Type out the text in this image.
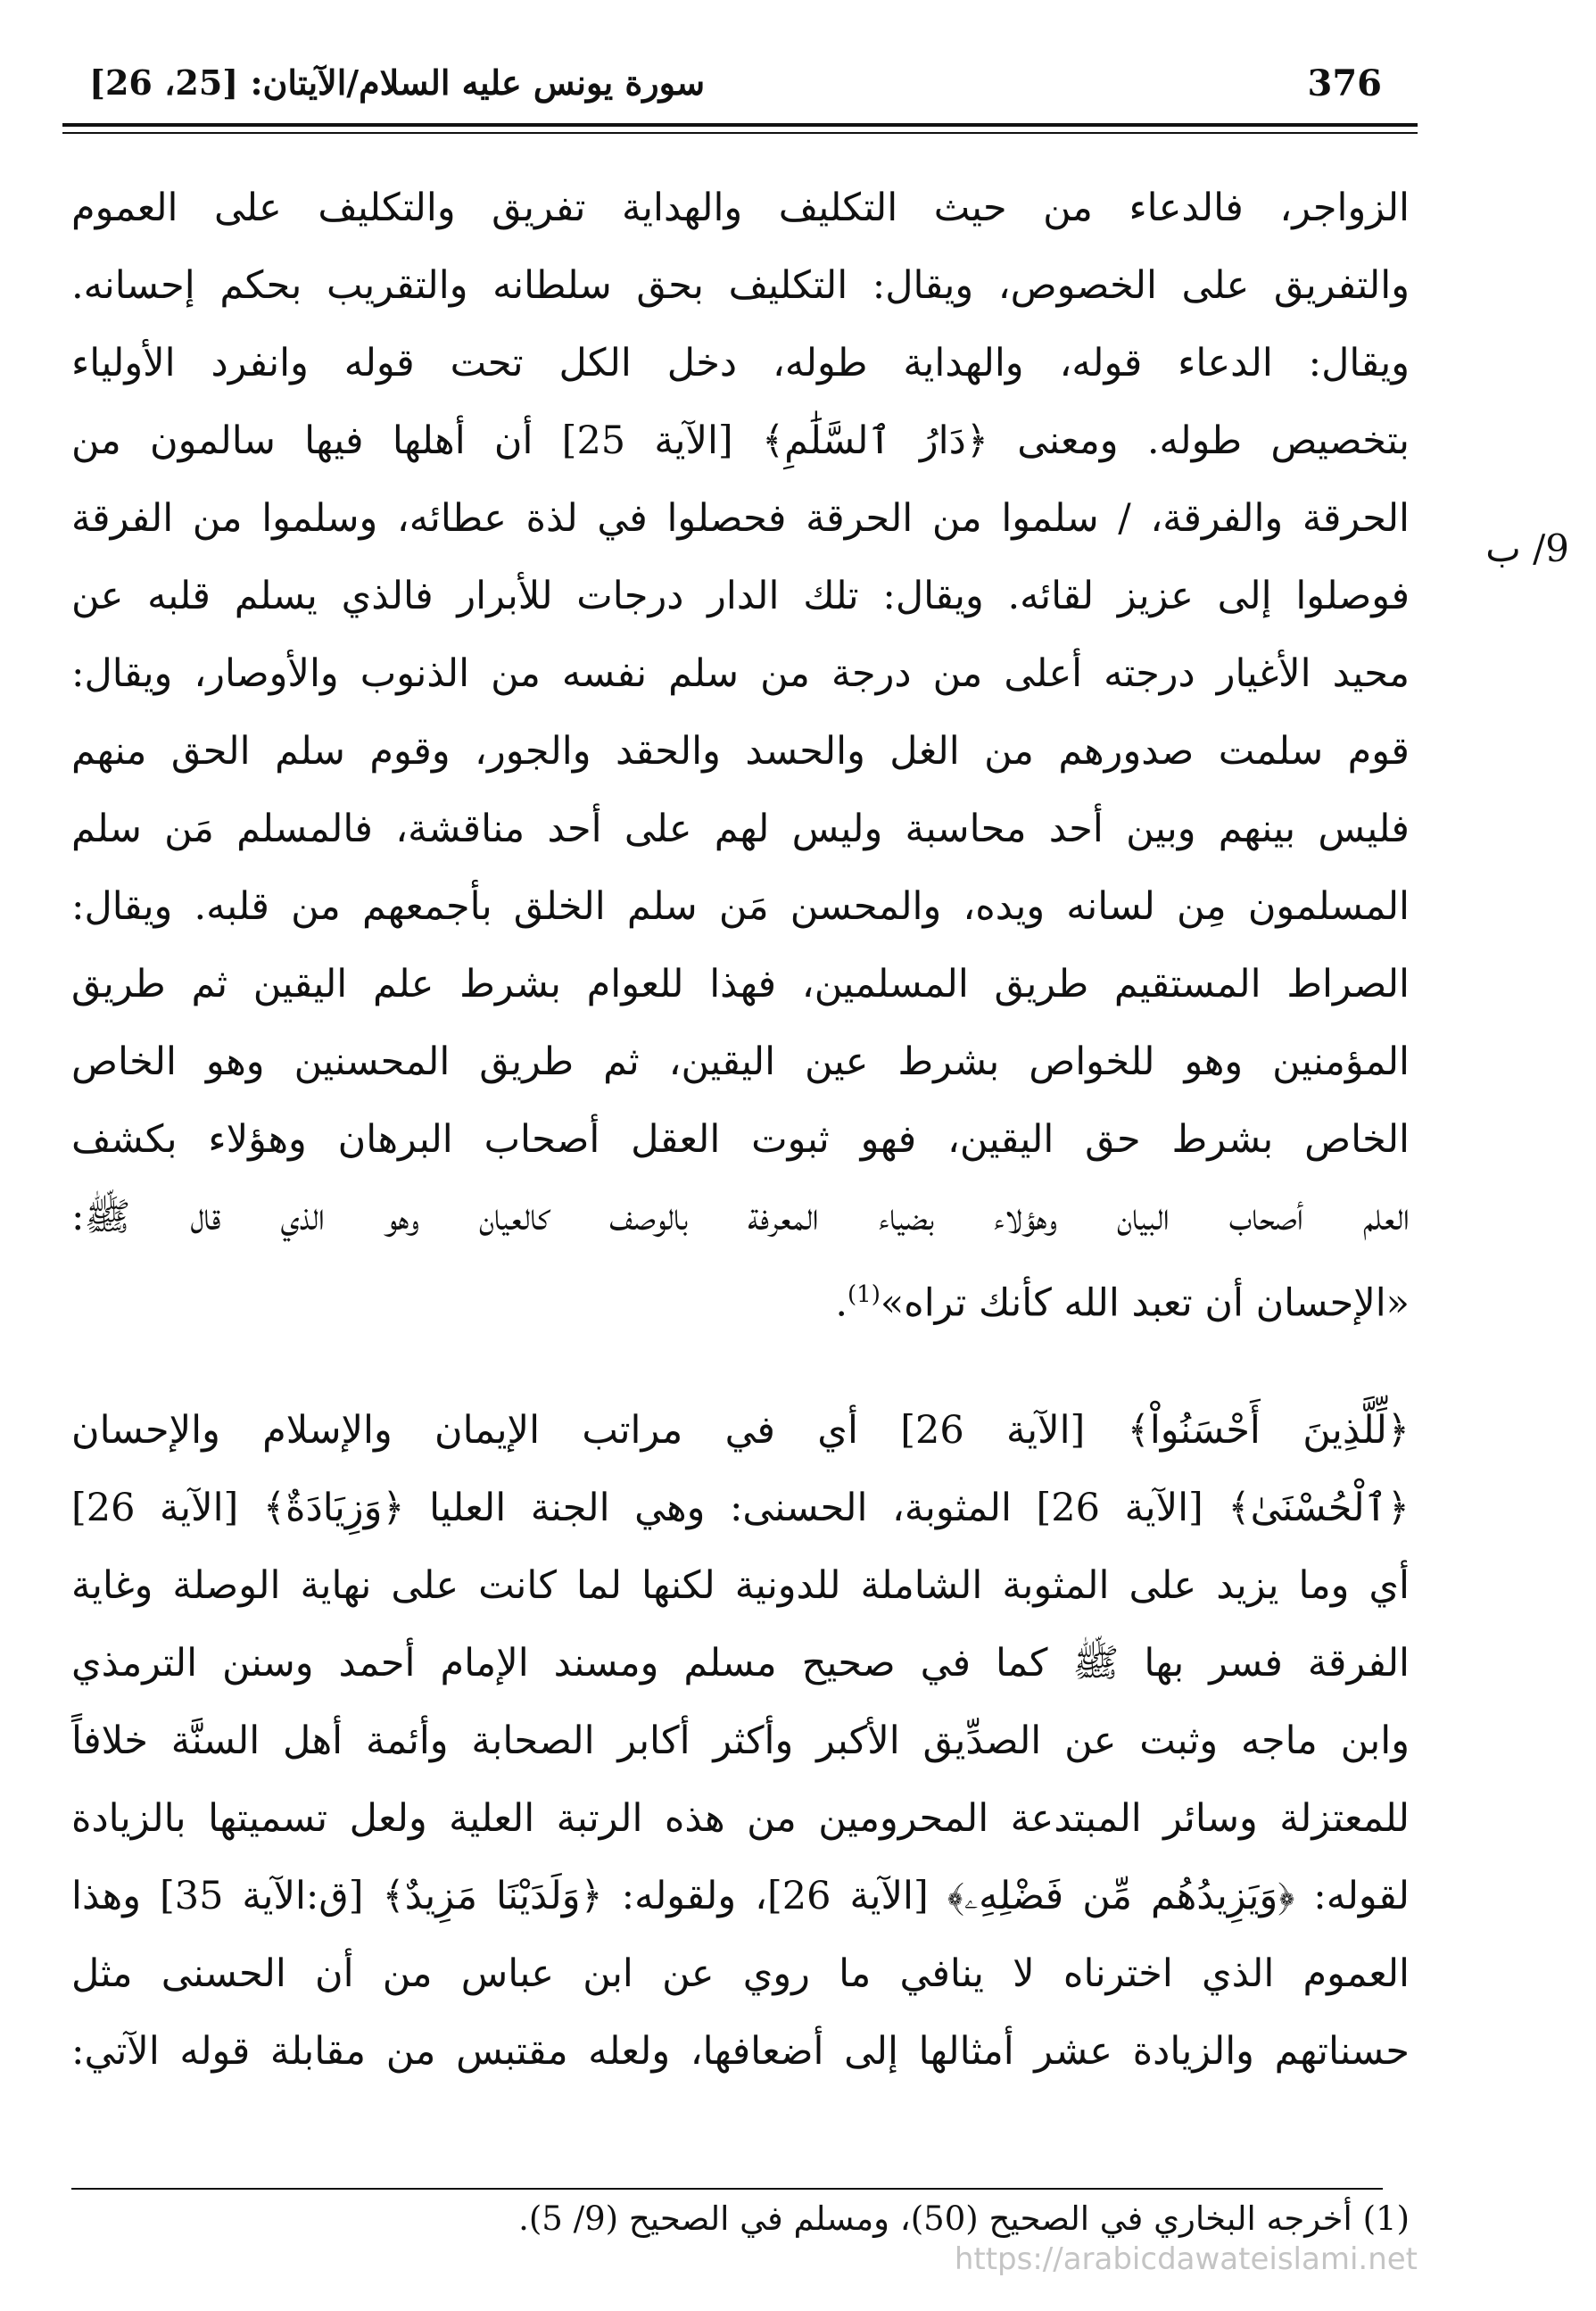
سورة يونس عليه السلام/الآيتان: [25، 26]	376
9/ ب
الزواجر، فالدعاء من حيث التكليف والهداية تفريق والتكليف على العموم
والتفريق على الخصوص، ويقال: التكليف بحق سلطانه والتقريب بحكم إحسانه.
ويقال: الدعاء قوله، والهداية طوله، دخل الكل تحت قوله وانفرد الأولياء
بتخصيص طوله. ومعنى ﴿دَارُ ٱلسَّلَٰمِ﴾ [الآية 25] أن أهلها فيها سالمون من
الحرقة والفرقة، / سلموا من الحرقة فحصلوا في لذة عطائه، وسلموا من الفرقة
فوصلوا إلى عزيز لقائه. ويقال: تلك الدار درجات للأبرار فالذي يسلم قلبه عن
محيد الأغيار درجته أعلى من درجة من سلم نفسه من الذنوب والأوصار، ويقال:
قوم سلمت صدورهم من الغل والحسد والحقد والجور، وقوم سلم الحق منهم
فليس بينهم وبين أحد محاسبة وليس لهم على أحد مناقشة، فالمسلم مَن سلم
المسلمون مِن لسانه ويده، والمحسن مَن سلم الخلق بأجمعهم من قلبه. ويقال:
الصراط المستقيم طريق المسلمين، فهذا للعوام بشرط علم اليقين ثم طريق
المؤمنين وهو للخواص بشرط عين اليقين، ثم طريق المحسنين وهو الخاص
الخاص بشرط حق اليقين، فهو ثبوت العقل أصحاب البرهان وهؤلاء بكشف
العلم أصحاب البيان وهؤلاء بضياء المعرفة بالوصف كالعيان وهو الذي قال ﷺ:
«الإحسان أن تعبد الله كأنك تراه»$^{(1)}$.
﴿لِّلَّذِينَ أَحْسَنُواْ﴾ [الآية 26] أي في مراتب الإيمان والإسلام والإحسان
﴿ٱلْحُسْنَىٰ﴾ [الآية 26] المثوبة، الحسنى: وهي الجنة العليا ﴿وَزِيَادَةٌ﴾ [الآية 26]
أي وما يزيد على المثوبة الشاملة للدونية لكنها لما كانت على نهاية الوصلة وغاية
الفرقة فسر بها ﷺ كما في صحيح مسلم ومسند الإمام أحمد وسنن الترمذي
وابن ماجه وثبت عن الصدِّيق الأكبر وأكثر أكابر الصحابة وأئمة أهل السنَّة خلافاً
للمعتزلة وسائر المبتدعة المحرومين من هذه الرتبة العلية ولعل تسميتها بالزيادة
لقوله: ﴿وَيَزِيدُهُم مِّن فَضْلِهِۦ﴾ [الآية 26]، ولقوله: ﴿وَلَدَيْنَا مَزِيدٌ﴾ [ق:الآية 35] وهذا
العموم الذي اخترناه لا ينافي ما روي عن ابن عباس من أن الحسنى مثل
حسناتهم والزيادة عشر أمثالها إلى أضعافها، ولعله مقتبس من مقابلة قوله الآتي:
(1) أخرجه البخاري في الصحيح (50)، ومسلم في الصحيح (9/ 5).
https://arabicdawateislami.net
